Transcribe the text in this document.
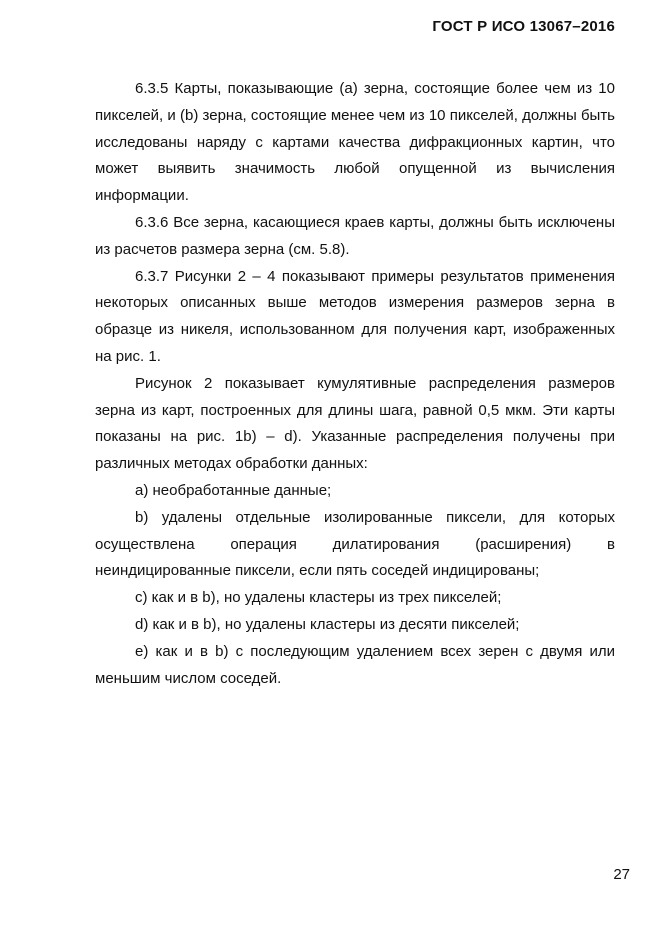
ГОСТ Р ИСО 13067–2016

6.3.5 Карты, показывающие (a) зерна, состоящие более чем из 10 пикселей, и (b) зерна, состоящие менее чем из 10 пикселей, должны быть исследованы наряду с картами качества дифракционных картин, что может выявить значимость любой опущенной из вычисления информации.

6.3.6 Все зерна, касающиеся краев карты, должны быть исключены из расчетов размера зерна (см. 5.8).

6.3.7 Рисунки 2 – 4 показывают примеры результатов применения некоторых описанных выше методов измерения размеров зерна в образце из никеля, использованном для получения карт, изображенных на рис. 1.

Рисунок 2 показывает кумулятивные распределения размеров зерна из карт, построенных для длины шага, равной 0,5 мкм. Эти карты показаны на рис. 1b) – d). Указанные распределения получены при различных методах обработки данных:

a) необработанные данные;

b) удалены отдельные изолированные пиксели, для которых осуществлена операция дилатирования (расширения) в неиндицированные пиксели, если пять соседей индицированы;

c) как и в b), но удалены кластеры из трех пикселей;

d) как и в b), но удалены кластеры из десяти пикселей;

e) как и в b) с последующим удалением всех зерен с двумя или меньшим числом соседей.

27
